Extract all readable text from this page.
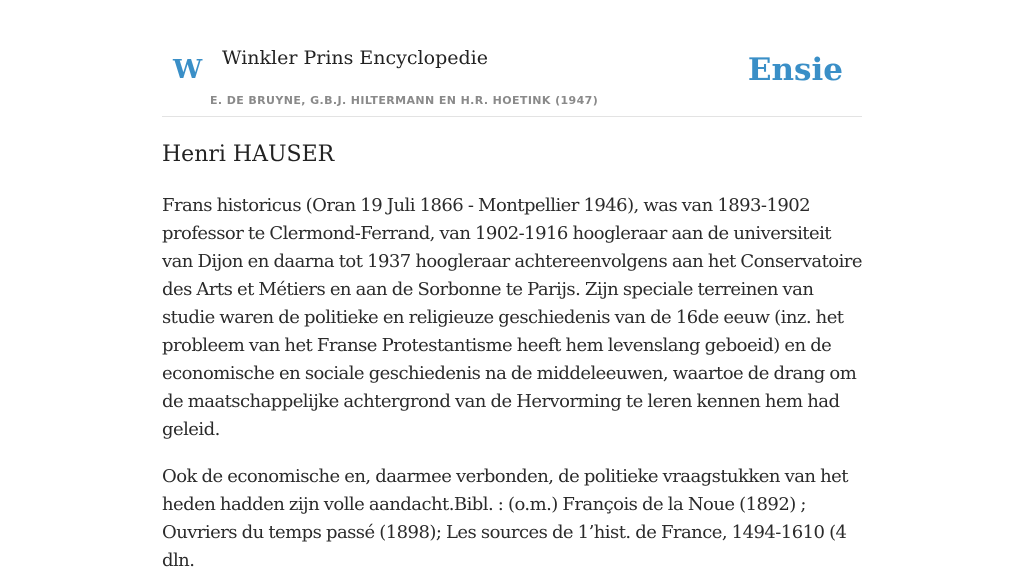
W Winkler Prins Encyclopedie
E. DE BRUYNE, G.B.J. HILTERMANN EN H.R. HOETINK (1947)
Ensie
Henri HAUSER

Frans historicus (Oran 19 Juli 1866 - Montpellier 1946), was van 1893-1902 professor te Clermond-Ferrand, van 1902-1916 hoogleraar aan de universiteit van Dijon en daarna tot 1937 hoogleraar achtereenvolgens aan het Conservatoire des Arts et Métiers en aan de Sorbonne te Parijs. Zijn speciale terreinen van studie waren de politieke en religieuze geschiedenis van de 16de eeuw (inz. het probleem van het Franse Protestantisme heeft hem levenslang geboeid) en de economische en sociale geschiedenis na de middeleeuwen, waartoe de drang om de maatschappelijke achtergrond van de Hervorming te leren kennen hem had geleid.

Ook de economische en, daarmee verbonden, de politieke vraagstukken van het heden hadden zijn volle aandacht.Bibl. : (o.m.) François de la Noue (1892) ; Ouvriers du temps passé (1898); Les sources de 1’hist. de France, 1494-1610 (4 dln.
